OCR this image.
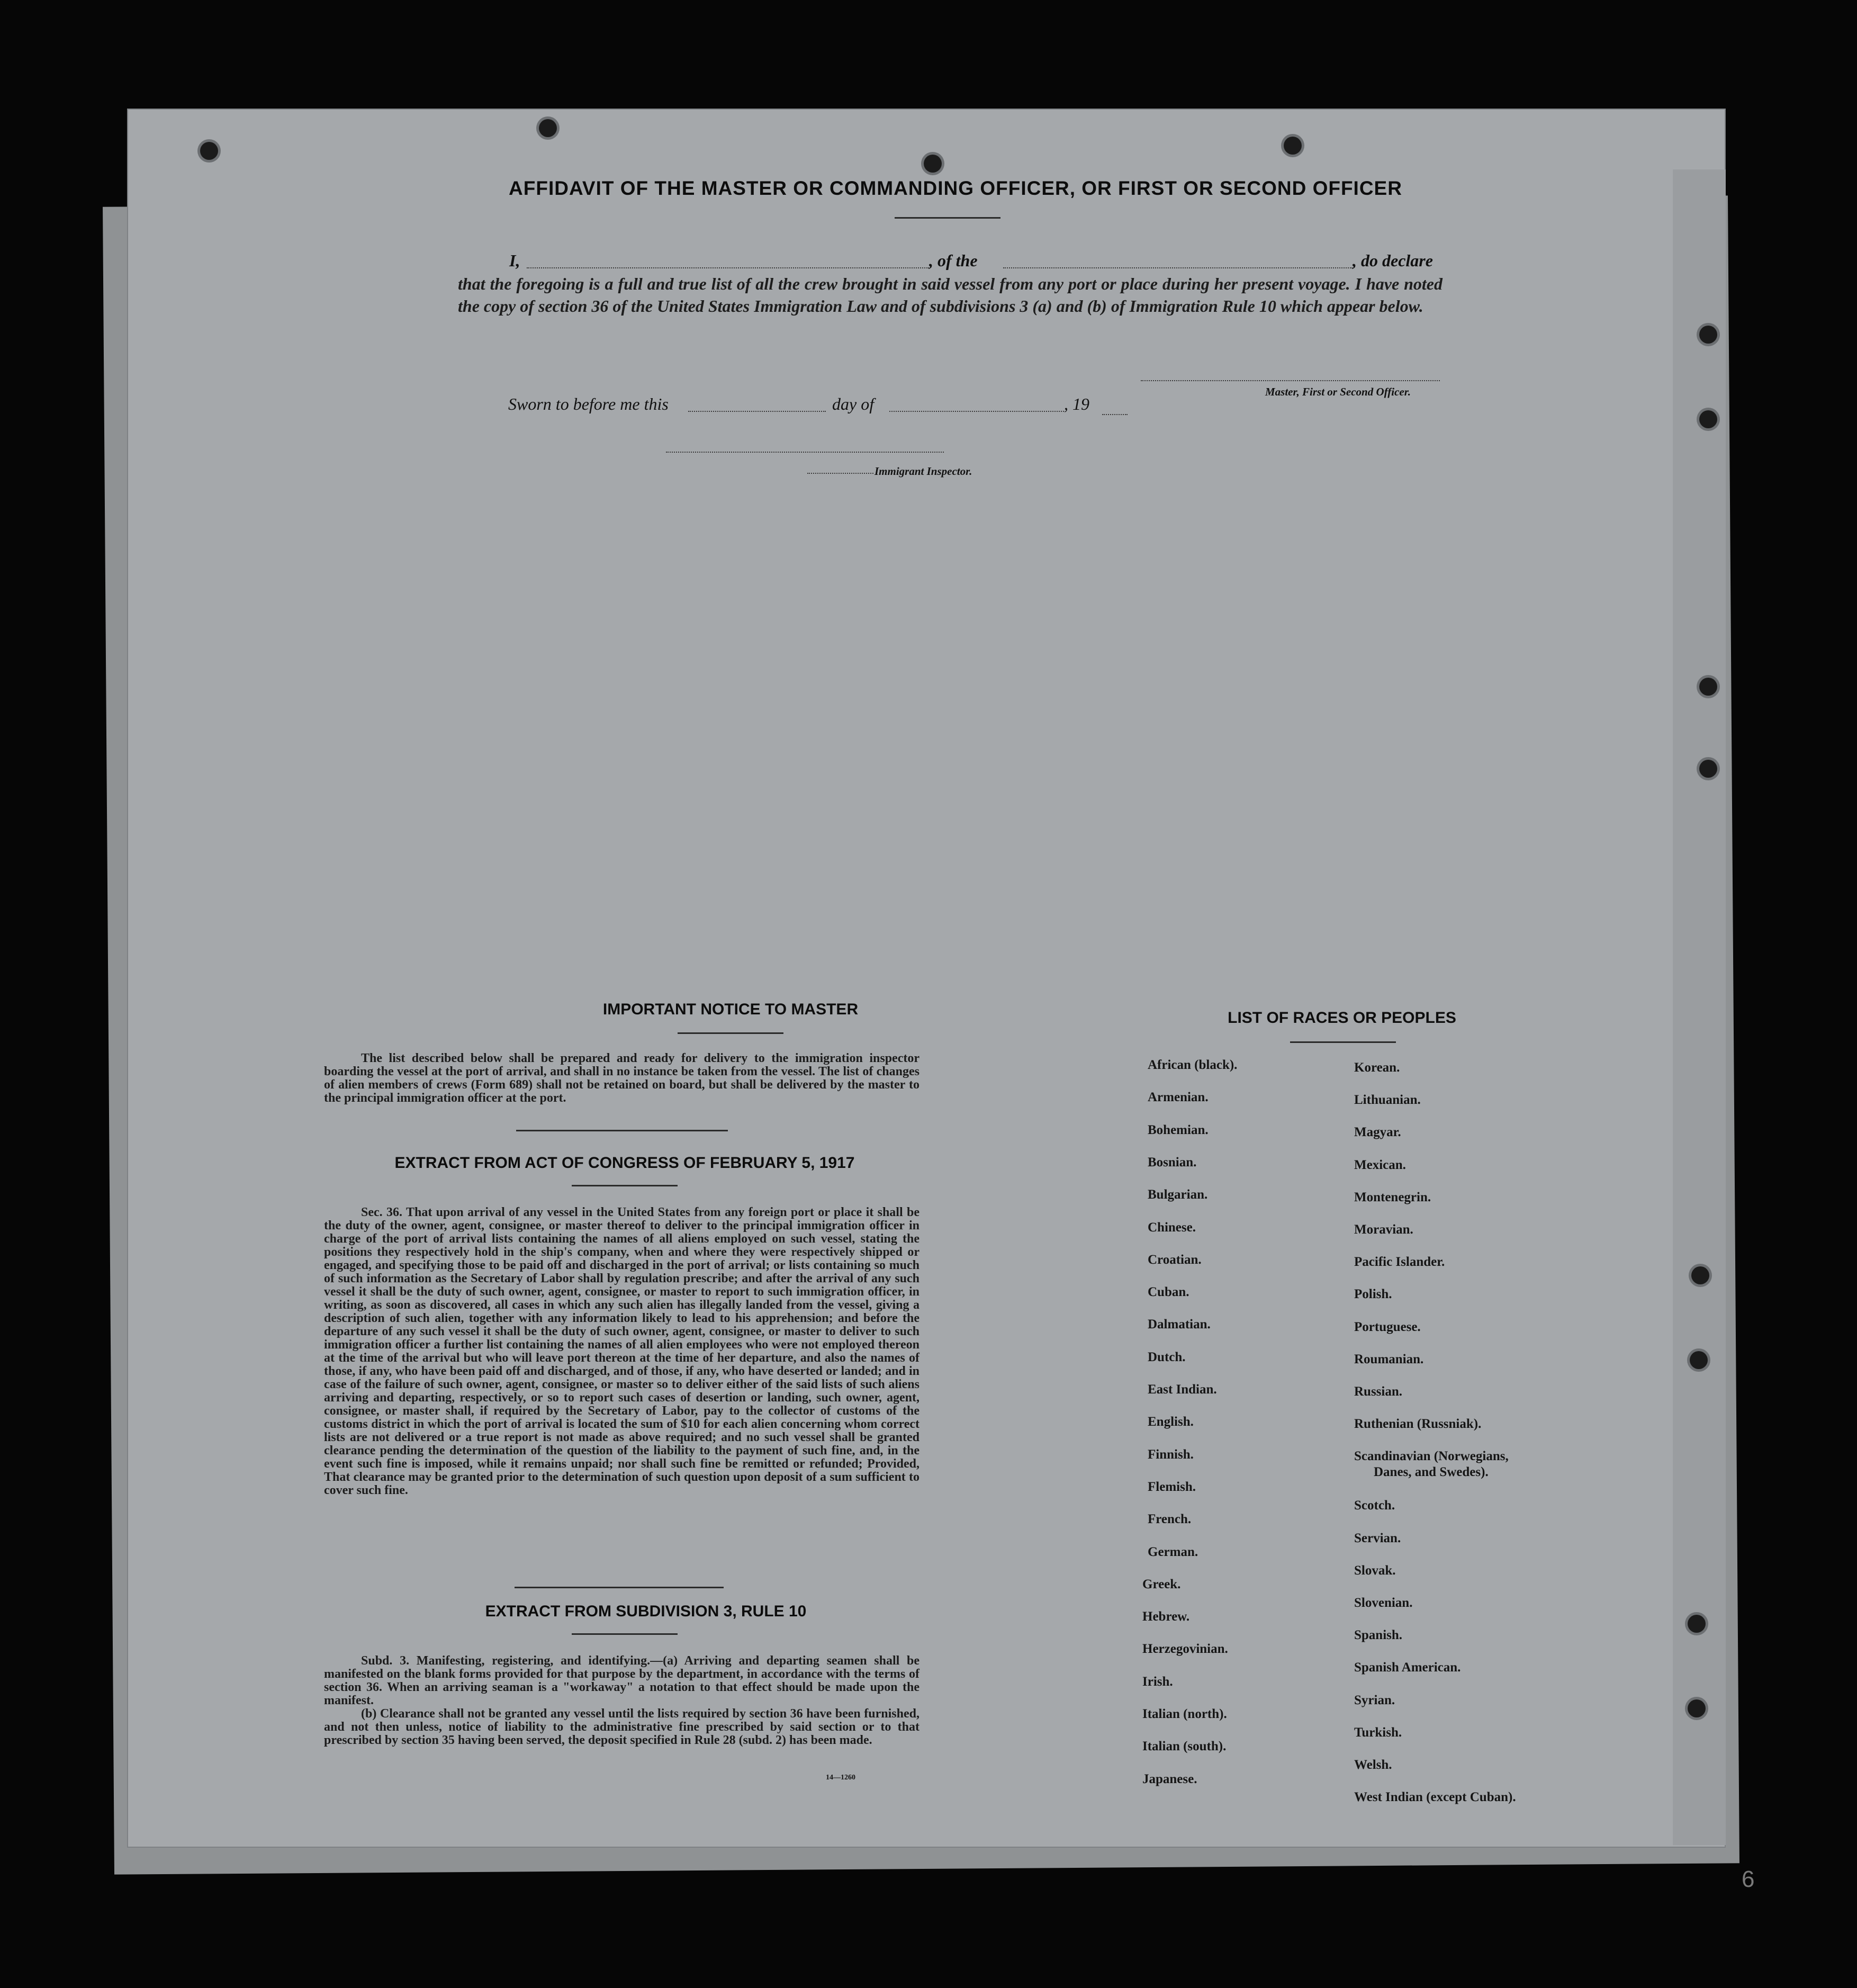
AFFIDAVIT OF THE MASTER OR COMMANDING OFFICER, OR FIRST OR SECOND OFFICER
I,	, of the	, do declare
that the foregoing is a full and true list of all the crew brought in said vessel from any port or place during her present voyage. I have noted the copy of section 36 of the United States Immigration Law and of subdivisions 3 (a) and (b) of Immigration Rule 10 which appear below.
Master, First or Second Officer.
Sworn to before me this	day of	, 19
Immigrant Inspector.
IMPORTANT NOTICE TO MASTER
The list described below shall be prepared and ready for delivery to the immigration inspector boarding the vessel at the port of arrival, and shall in no instance be taken from the vessel. The list of changes of alien members of crews (Form 689) shall not be retained on board, but shall be delivered by the master to the principal immigration officer at the port.
EXTRACT FROM ACT OF CONGRESS OF FEBRUARY 5, 1917
Sec. 36. That upon arrival of any vessel in the United States from any foreign port or place it shall be the duty of the owner, agent, consignee, or master thereof to deliver to the principal immigration officer in charge of the port of arrival lists containing the names of all aliens employed on such vessel, stating the positions they respectively hold in the ship's company, when and where they were respectively shipped or engaged, and specifying those to be paid off and discharged in the port of arrival; or lists containing so much of such information as the Secretary of Labor shall by regulation prescribe; and after the arrival of any such vessel it shall be the duty of such owner, agent, consignee, or master to report to such immigration officer, in writing, as soon as discovered, all cases in which any such alien has illegally landed from the vessel, giving a description of such alien, together with any information likely to lead to his apprehension; and before the departure of any such vessel it shall be the duty of such owner, agent, consignee, or master to deliver to such immigration officer a further list containing the names of all alien employees who were not employed thereon at the time of the arrival but who will leave port thereon at the time of her departure, and also the names of those, if any, who have been paid off and discharged, and of those, if any, who have deserted or landed; and in case of the failure of such owner, agent, consignee, or master so to deliver either of the said lists of such aliens arriving and departing, respectively, or so to report such cases of desertion or landing, such owner, agent, consignee, or master shall, if required by the Secretary of Labor, pay to the collector of customs of the customs district in which the port of arrival is located the sum of $10 for each alien concerning whom correct lists are not delivered or a true report is not made as above required; and no such vessel shall be granted clearance pending the determination of the question of the liability to the payment of such fine, and, in the event such fine is imposed, while it remains unpaid; nor shall such fine be remitted or refunded; Provided, That clearance may be granted prior to the determination of such question upon deposit of a sum sufficient to cover such fine.
EXTRACT FROM SUBDIVISION 3, RULE 10

Subd. 3. Manifesting, registering, and identifying.—(a) Arriving and departing seamen shall be manifested on the blank forms provided for that purpose by the department, in accordance with the terms of section 36. When an arriving seaman is a "workaway" a notation to that effect should be made upon the manifest.

(b) Clearance shall not be granted any vessel until the lists required by section 36 have been furnished, and not then unless, notice of liability to the administrative fine prescribed by said section or to that prescribed by section 35 having been served, the deposit specified in Rule 28 (subd. 2) has been made.

14—1260
LIST OF RACES OR PEOPLES
African (black).
Armenian.
Bohemian.
Bosnian.
Bulgarian.
Chinese.
Croatian.
Cuban.
Dalmatian.
Dutch.
East Indian.
English.
Finnish.
Flemish.
French.
German.
Greek.
Hebrew.
Herzegovinian.
Irish.
Italian (north).
Italian (south).
Japanese.
Korean.
Lithuanian.
Magyar.
Mexican.
Montenegrin.
Moravian.
Pacific Islander.
Polish.
Portuguese.
Roumanian.
Russian.
Ruthenian (Russniak).
Scandinavian (Norwegians,
Danes, and Swedes).
Scotch.
Servian.
Slovak.
Slovenian.
Spanish.
Spanish American.
Syrian.
Turkish.
Welsh.
West Indian (except Cuban).
6
